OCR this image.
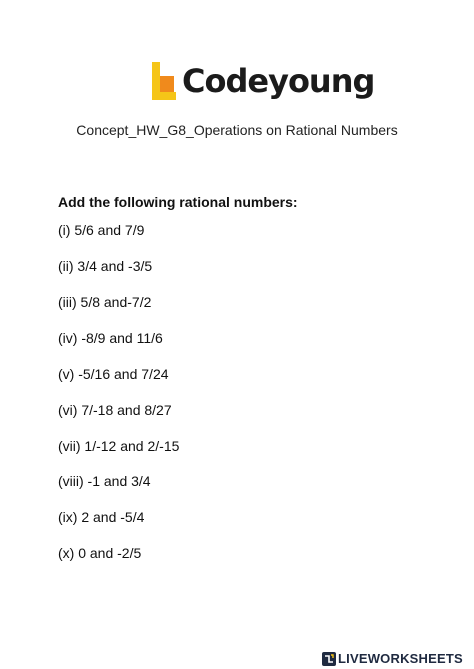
Codeyoung
Concept_HW_G8_Operations on Rational Numbers
Add the following rational numbers:
(i) 5/6 and 7/9
(ii) 3/4 and -3/5
(iii) 5/8 and-7/2
(iv) -8/9 and 11/6
(v) -5/16 and 7/24
(vi) 7/-18 and 8/27
(vii) 1/-12 and 2/-15
(viii) -1 and 3/4
(ix) 2 and -5/4
(x) 0 and -2/5
LIVEWORKSHEETS
